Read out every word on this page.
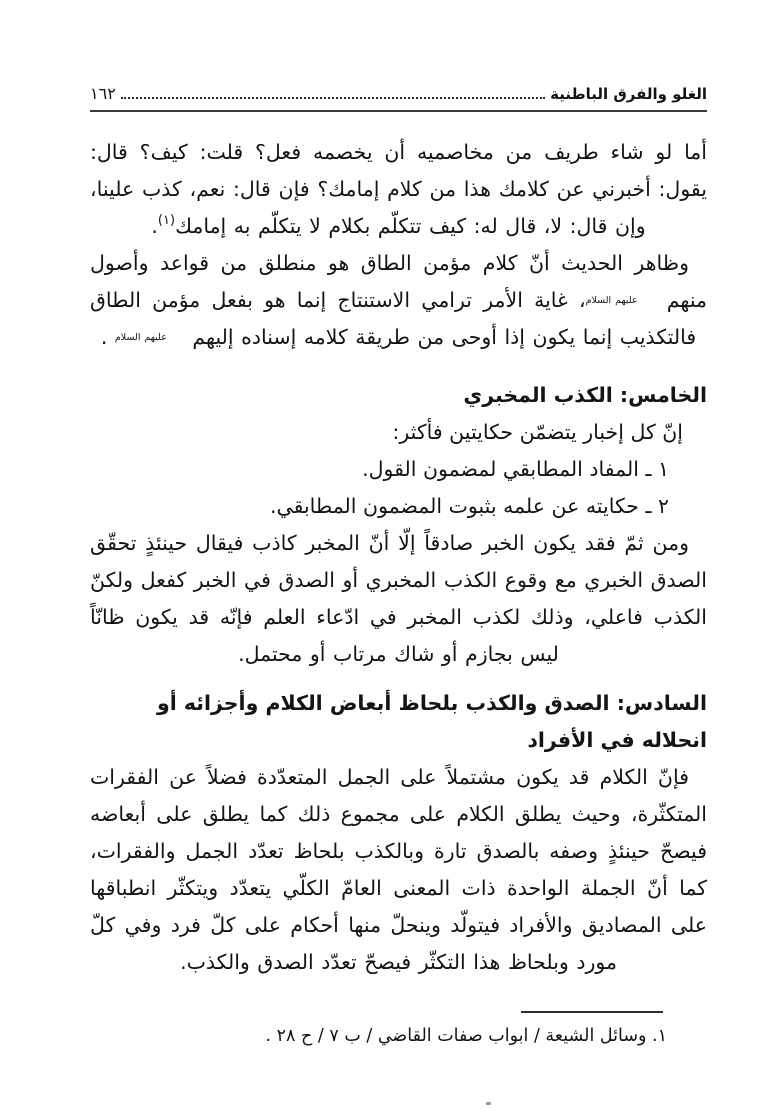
الغلو والفرق الباطنية
١٦٢

أما لو شاء طريف من مخاصميه أن يخصمه فعل؟ قلت: كيف؟ قال: يقول: أخبرني عن كلامك هذا من كلام إمامك؟ فإن قال: نعم، كذب علينا، وإن قال: لا، قال له: كيف تتكلّم بكلام لا يتكلّم به إمامك$^{(١)}$.

وظاهر الحديث أنّ كلام مؤمن الطاق هو منطلق من قواعد وأصول منهم عليهم السلام، غاية الأمر ترامي الاستنتاج إنما هو بفعل مؤمن الطاق فالتكذيب إنما يكون إذا أوحى من طريقة كلامه إسناده إليهم عليهم السلام .

الخامس: الكذب المخبري

إنّ كل إخبار يتضمّن حكايتين فأكثر:

١ ـ المفاد المطابقي لمضمون القول.

٢ ـ حكايته عن علمه بثبوت المضمون المطابقي.

ومن ثمّ فقد يكون الخبر صادقاً إلّا أنّ المخبر كاذب فيقال حينئذٍ تحقّق الصدق الخبري مع وقوع الكذب المخبري أو الصدق في الخبر كفعل ولكنّ الكذب فاعلي، وذلك لكذب المخبر في ادّعاء العلم فإنّه قد يكون ظانّاً ليس بجازم أو شاك مرتاب أو محتمل.

السادس: الصدق والكذب بلحاظ أبعاض الكلام وأجزائه أو انحلاله في الأفراد

فإنّ الكلام قد يكون مشتملاً على الجمل المتعدّدة فضلاً عن الفقرات المتكثّرة، وحيث يطلق الكلام على مجموع ذلك كما يطلق على أبعاضه فيصحّ حينئذٍ وصفه بالصدق تارة وبالكذب بلحاظ تعدّد الجمل والفقرات، كما أنّ الجملة الواحدة ذات المعنى العامّ الكلّي يتعدّد ويتكثّر انطباقها على المصاديق والأفراد فيتولّد وينحلّ منها أحكام على كلّ فرد وفي كلّ مورد وبلحاظ هذا التكثّر فيصحّ تعدّد الصدق والكذب.

١. وسائل الشيعة / ابواب صفات القاضي / ب ٧ / ح ٢٨ .
